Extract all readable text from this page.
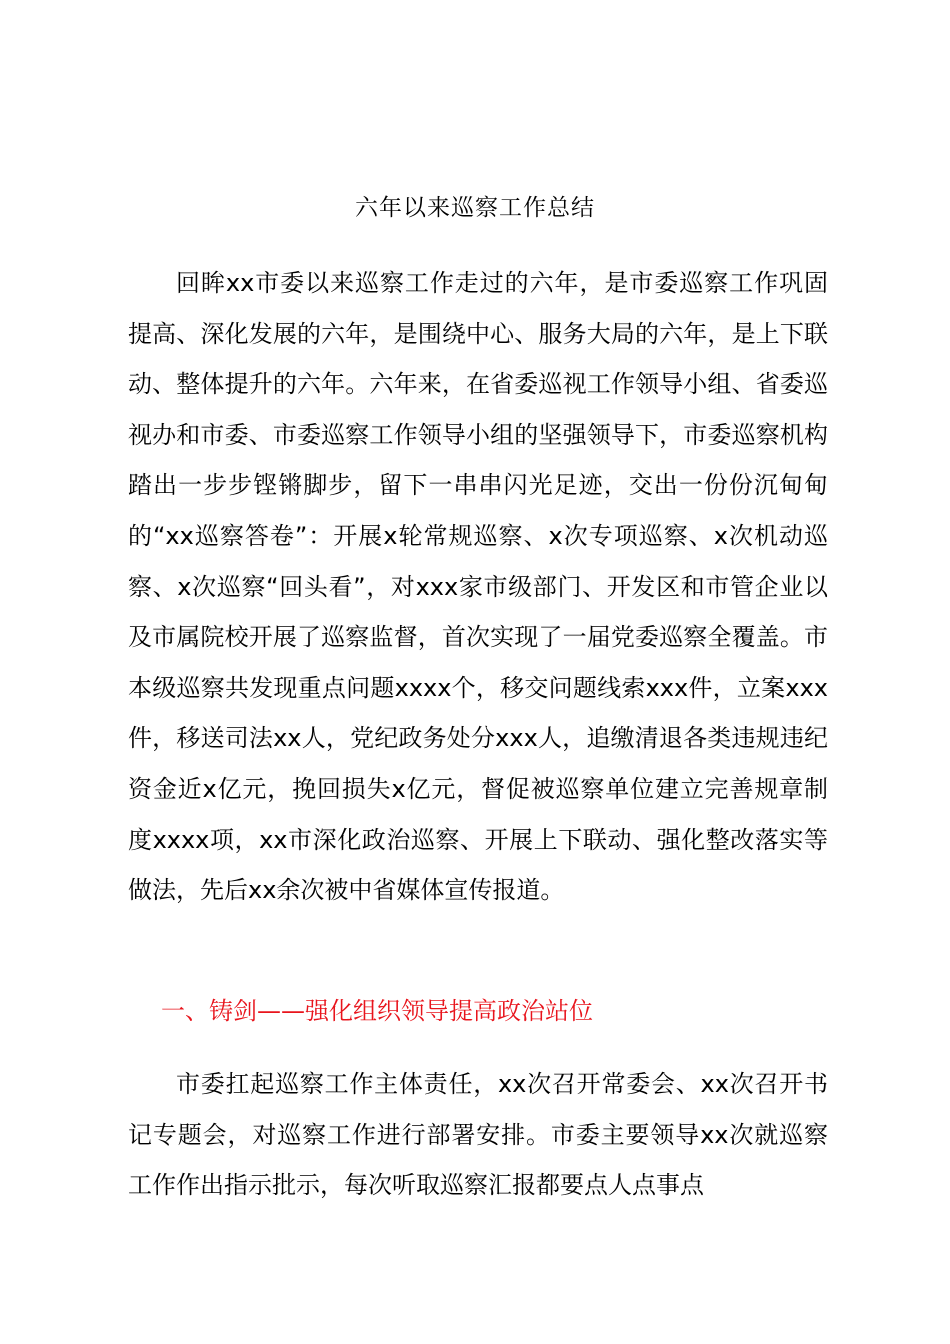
六年以来巡察工作总结

回眸xx市委以来巡察工作走过的六年，是市委巡察工作巩固提高、深化发展的六年，是围绕中心、服务大局的六年，是上下联动、整体提升的六年。六年来，在省委巡视工作领导小组、省委巡视办和市委、市委巡察工作领导小组的坚强领导下，市委巡察机构踏出一步步铿锵脚步，留下一串串闪光足迹，交出一份份沉甸甸的“xx巡察答卷”：开展x轮常规巡察、x次专项巡察、x次机动巡察、x次巡察“回头看”，对xxx家市级部门、开发区和市管企业以及市属院校开展了巡察监督，首次实现了一届党委巡察全覆盖。市本级巡察共发现重点问题xxxx个，移交问题线索xxx件，立案xxx件，移送司法xx人，党纪政务处分xxx人，追缴清退各类违规违纪资金近x亿元，挽回损失x亿元，督促被巡察单位建立完善规章制度xxxx项，xx市深化政治巡察、开展上下联动、强化整改落实等做法，先后xx余次被中省媒体宣传报道。

一、铸剑——强化组织领导提高政治站位

市委扛起巡察工作主体责任，xx次召开常委会、xx次召开书记专题会，对巡察工作进行部署安排。市委主要领导xx次就巡察工作作出指示批示，每次听取巡察汇报都要点人点事点
